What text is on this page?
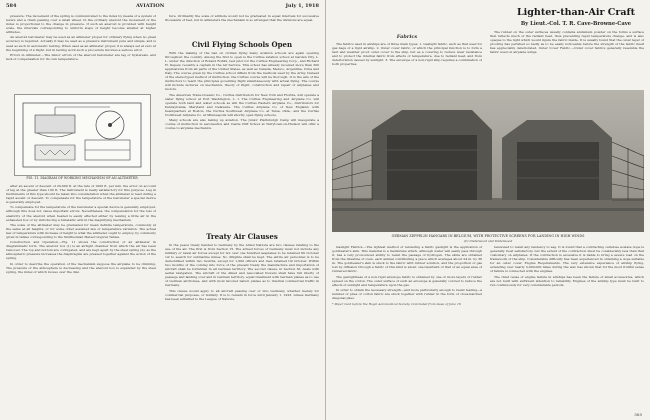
584	AVIATION	July 1, 1918

pressure. The movement of the spring is communicated to the index by means of a system of levers and a chain passing over a small wheel. In the ordinary aneroid the movement of the index is proportional to the change in pressure. If such an aneroid is provided with height scale, the intervals corresponding to uniform steps of height become smaller at higher altitudes.

An aneroid barometer may be used as an altimeter proper for ordinary flying when no great accuracy is required. Actually it may be used as a pressure instrument pure and simple, and is used as such in aeronautic testing. When used as an altimeter proper, it is always set at zero at the beginning of a flight, but in testing work such a procedure involves a serious error.

Errors in Altimeter.—The minor errors of the aneroid barometer are lag or hysteresis, and lack of compensation for its own temperature.

FIG. 11. DIAGRAM OF WORKING MECHANISM OF AN ALTIMETER

after an ascent or descent of 20,000 ft. at the rate of 1000 ft. per min. the error on account of lag at the greater than 100 ft. The instrument is really satisfactory for this purpose. Lag in instruments of this type should be taken into consideration when the altimeter is read during a rapid ascent or descent. To compensate for the temperature of the barometer a special device is generally employed.

To compensate for the temperature of the barometer a special device is generally employed, although this does not cause important errors. Nevertheless, the compensation for the loss of elasticity of the aneroid when heated is easily effected either by leaving a little air in the exhausted box or by introducing a bimetallic arm in the magnifying mechanism.

The scale of the altimeter may be graduated for mean definite temperature, commonly at the same at all heights, or for some other assumed law of temperature variation. The actual law of temperature with increase of height is what the altimeter ought to employ, by commonly given in tables corresponding to the Smithsonian Meteorological Tables.

Construction and Operation.—Fig. 11 shows the construction of an altimeter in diagrammatic form. The aneroid box (1) is an airtight chamber from which the air has been removed. The top and bottom are corrugated, and are kept apart by the steel spring (2); as the atmospheric pressure increases the diaphragms are pressed together against the action of the spring.

In order to describe the operation of the mechanism suppose the airplane to be climbing. The pressure of the atmosphere is decreasing and the aneroid box is expanded by the steel spring, the index of which moves over the dial.

ture. Ordinarily the scale of altitude would not be graduated in equal intervals for successive thousands of feet, but in altimeters the mechanism is so arranged that the divisions are equal.

Civil Flying Schools Open

With the making of the ban on civilian flying many aviation schools are again opening throughout the country. Among the first to open is the Curtiss aviation school at Garden City, L. I., under the direction of Roland Rohlfs, test pilot for the Curtiss Engineering Corp., and Richard H. Depew, recently a captain in the Air Service. This school has already received more than 300 applications from all parts of the United States, as well as Canada, Mexico, Argentina, Cuba and Italy. The course given by the Curtiss school differs from the methods used by the Army. Instead of the stereotyped method of instruction, the Curtiss course will be thorough. It is the aim of the instructors to teach the principles governing flight simultaneously with actual flying. The course will include lectures on mechanics, theory of flight, construction and repair of airplanes and motors.

The American Trans-Oceanic Co., Curtiss distributors for New York and Florida, will operate a sister flying school at Port Washington, L. I. The Curtiss Engineering and Airplane Co. will operate both land and water schools as will the Curtiss Eastern Airplane Co., distributors for Pennsylvania, Maryland and Delaware. The Curtiss Airplane Co. of New England, with headquarters at Boston, the Curtiss Southwest Airplane Co. at Tulsa, Okla., and the Curtiss Northwest Airplane Co. at Minneapolis will shortly open flying schools.

Many schools are also taking up aviation. The Junior Plattsburgh Camp will inaugurate a course of instruction in aeronautics and Castle Cliff School at Tarrytown-on-Hudson will offer a course to airplane mechanics.

Treaty Air Clauses

In the peace treaty handed to Germany by the Allied Nations are two clauses relating to the use of the air. The first is from Section VI. The armed forces of Germany must not include any military or naval air forces except for not over one hundred seaplanes to be retained till October 1st to search for submarine mines. No dirigible shall be kept. The entire air personnel is to be demobilized within two months, except for 1,000 officers and men retained till October. Within two months of the coming into force of the present treaty the manufacture and importation of aircraft shall be forbidden in all German territory. The second clause, in Section XI, deals with aerial navigation. The aircraft of the Allied and Associated Powers shall have full liberty of passage and landing over and in German territory, equal treatment with German planes as to use of German airdromes, and with most favored nation planes as to internal commercial traffic in Germany.

This clause would apply to all aircraft passing over or into Germany, whether merely for commercial purposes, or military. It is to remain in force until January 1, 1923, unless Germany has been admitted to the League of Nations.

Lighter-than-Air Craft
By Lieut.-Col. T. R. Cave-Browne-Cave
Fabrics

The fabrics used in airships are of three main types: 1. Gastight fabric, such as that used for gas bags of a rigid airship. 2. Outer cover fabric, of which the principal function is to form a taut and weather proof outer cover to the ship, but as a covering to reduce wear resistance and to protect the internal fabric from effects of temperature, due to radiant heat, and from deterioration caused by sunlight. 3. The envelope of a non-rigid ship requires a combination of both properties.

The rubber on the outer surfaces usually contains aluminum powder on the forms a surface that reflects much of the radiant heat, thus preventing rapid temperature change, and is also opaque to the light which would injure the fabric inside. It is usually found that the outer layer of proofing has perished so badly as to be easily noticeable before the strength of the fabric itself has appreciably deteriorated. Outer Cover Fabric.—Outer cover fabrics generally resemble the fabric used on airplane wings.

GERMAN ZEPPELIN HANGARS IN BELGIUM, WITH PROTECTIVE SCREENS FOR LANDING IN HIGH WINDS
(C) Underwood and Underwood

Gastight Fabrics.—The lightest method of rendering a fabric gastight is the application of goldbeater's skin. This material is a membrane which, although water will easily pass through it, has a very pronounced ability to resist the passage of hydrogen. The skins are obtained from the intestine of oxen, each animal contributing a piece which averages about 24 in. by 36 in. The goldbeater's skin is stuck to the fabric with rubber solution, and the proportion of gas lost by diffusion through a fabric of this kind is about one-twentieth of that of an equal area of rubbered fabric.

The gastightness of a non-rigid envelope fabric is obtained by one or more layers of rubber spread on the cotton. The outer surface of such an envelope is generally colored to reduce the effects of sunlight and temperature upon the gas.

In order to obtain the necessary strength—and more particularly enough to resist tearing—a number of plies of cotton fabric are stuck together with rubber in the form of cross-hatched diagonal plies.

* Paper read before the Royal Aeronautical Society. Concluded from issue of June 16

tensioned to resist any tendency to sag. It is found that a contracting cellulose acetate dope is generally most satisfactory, but the extent of the contraction must be considerably less than that customary on airplanes. If the contraction is excessive it is liable to bring a severe load on the framework of the ship. Considerable difficulty has been experienced in obtaining a dope suitable for an outer cover. Engine Requirements. The very extensive experience of airship flying, extending over nearly 3,000,000 miles during the war, has shown that for the most fruitful sense of failure is connected with the engines.

The chief cause of engine failure in airships has been the failure of small accessories, which are not built with sufficient attention to reliability. Engines of the airship type must be built to run continuously for very considerable periods.

585
